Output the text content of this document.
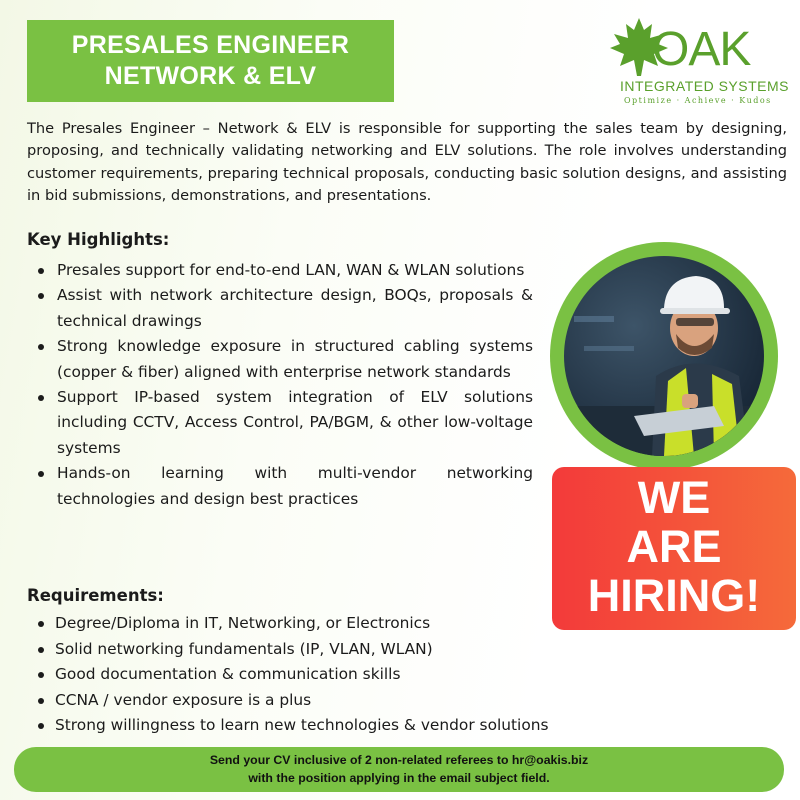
PRESALES ENGINEER
NETWORK & ELV	OAK
INTEGRATED SYSTEMS
Optimize · Achieve · Kudos

The Presales Engineer – Network & ELV is responsible for supporting the sales team by designing, proposing, and technically validating networking and ELV solutions. The role involves understanding customer requirements, preparing technical proposals, conducting basic solution designs, and assisting in bid submissions, demonstrations, and presentations.

Key Highlights:
Presales support for end-to-end LAN, WAN & WLAN solutions
Assist with network architecture design, BOQs, proposals & technical drawings
Strong knowledge exposure in structured cabling systems (copper & fiber) aligned with enterprise network standards
Support IP-based system integration of ELV solutions including CCTV, Access Control, PA/BGM, & other low-voltage systems
Hands-on learning with multi-vendor networking technologies and design best practices
Requirements:
Degree/Diploma in IT, Networking, or Electronics
Solid networking fundamentals (IP, VLAN, WLAN)
Good documentation & communication skills
CCNA / vendor exposure is a plus
Strong willingness to learn new technologies & vendor solutions
WE
ARE
HIRING!
Send your CV inclusive of 2 non-related referees to hr@oakis.biz
with the position applying in the email subject field.
